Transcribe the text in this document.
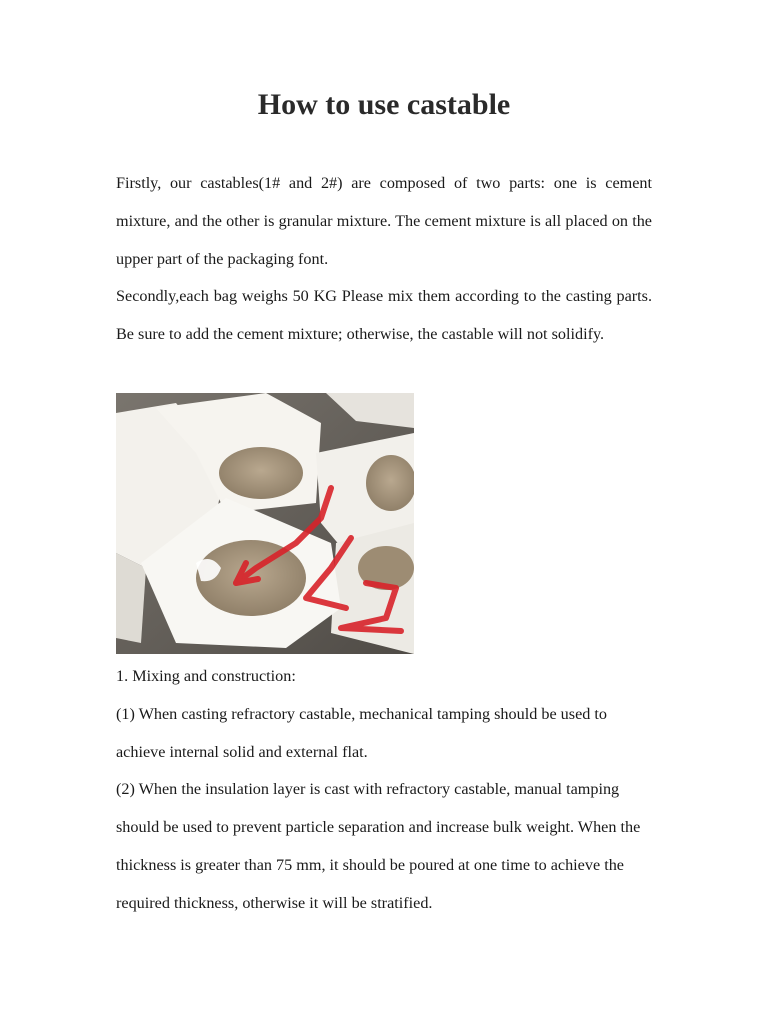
How to use castable

Firstly, our castables(1# and 2#) are composed of two parts: one is cement mixture, and the other is granular mixture. The cement mixture is all placed on the upper part of the packaging font.

Secondly,each bag weighs 50 KG Please mix them according to the casting parts. Be sure to add the cement mixture; otherwise, the castable will not solidify.

1. Mixing and construction:

(1) When casting refractory castable, mechanical tamping should be used to achieve internal solid and external flat.

(2) When the insulation layer is cast with refractory castable, manual tamping should be used to prevent particle separation and increase bulk weight. When the thickness is greater than 75 mm, it should be poured at one time to achieve the required thickness, otherwise it will be stratified.
